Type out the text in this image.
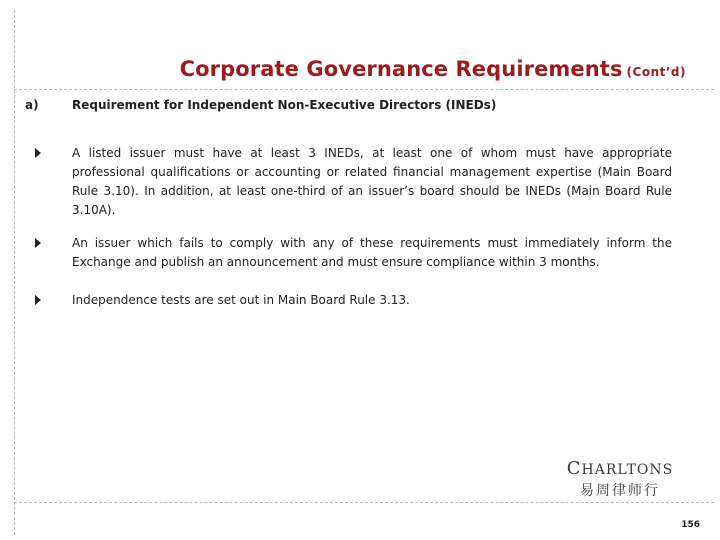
Corporate Governance Requirements (Cont’d)
a)	Requirement for Independent Non-Executive Directors (INEDs)
A listed issuer must have at least 3 INEDs, at least one of whom must have appropriate professional qualifications or accounting or related financial management expertise (Main Board Rule 3.10). In addition, at least one-third of an issuer’s board should be INEDs (Main Board Rule 3.10A).
An issuer which fails to comply with any of these requirements must immediately inform the Exchange and publish an announcement and must ensure compliance within 3 months.
Independence tests are set out in Main Board Rule 3.13.
CHARLTONS
易周律师行
156
